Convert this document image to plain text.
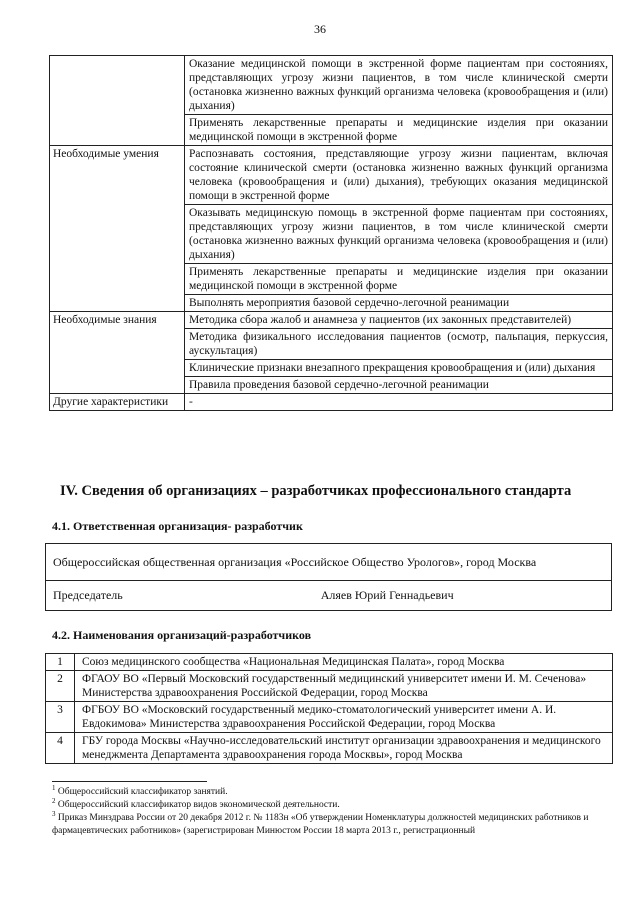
36
	Оказание медицинской помощи в экстренной форме пациентам при состояниях, представляющих угрозу жизни пациентов, в том числе клинической смерти (остановка жизненно важных функций организма человека (кровообращения и (или) дыхания)
	Применять лекарственные препараты и медицинские изделия при оказании медицинской помощи в экстренной форме
Необходимые умения	Распознавать состояния, представляющие угрозу жизни пациентам, включая состояние клинической смерти (остановка жизненно важных функций организма человека (кровообращения и (или) дыхания), требующих оказания медицинской помощи в экстренной форме
	Оказывать медицинскую помощь в экстренной форме пациентам при состояниях, представляющих угрозу жизни пациентов, в том числе клинической смерти (остановка жизненно важных функций организма человека (кровообращения и (или) дыхания)
	Применять лекарственные препараты и медицинские изделия при оказании медицинской помощи в экстренной форме
	Выполнять мероприятия базовой сердечно-легочной реанимации
Необходимые знания	Методика сбора жалоб и анамнеза у пациентов (их законных представителей)
	Методика физикального исследования пациентов (осмотр, пальпация, перкуссия, аускультация)
	Клинические признаки внезапного прекращения кровообращения и (или) дыхания
	Правила проведения базовой сердечно-легочной реанимации
Другие характеристики	-
IV. Сведения об организациях – разработчиках профессионального стандарта
4.1. Ответственная организация- разработчик
Общероссийская общественная организация «Российское Общество Урологов», город Москва
Председатель	Аляев Юрий Геннадьевич
4.2. Наименования организаций-разработчиков
1	Союз медицинского сообщества «Национальная Медицинская Палата», город Москва
2	ФГАОУ ВО «Первый Московский государственный медицинский университет имени И. М. Сеченова» Министерства здравоохранения Российской Федерации, город Москва
3	ФГБОУ ВО «Московский государственный медико-стоматологический университет имени А. И. Евдокимова» Министерства здравоохранения Российской Федерации, город Москва
4	ГБУ города Москвы «Научно-исследовательский институт организации здравоохранения и медицинского менеджмента Департамента здравоохранения города Москвы», город Москва
$^1$ Общероссийский классификатор занятий.
$^2$ Общероссийский классификатор видов экономической деятельности.
$^3$ Приказ Минздрава России от 20 декабря 2012 г. № 1183н «Об утверждении Номенклатуры должностей медицинских работников и фармацевтических работников» (зарегистрирован Минюстом России 18 марта 2013 г., регистрационный
